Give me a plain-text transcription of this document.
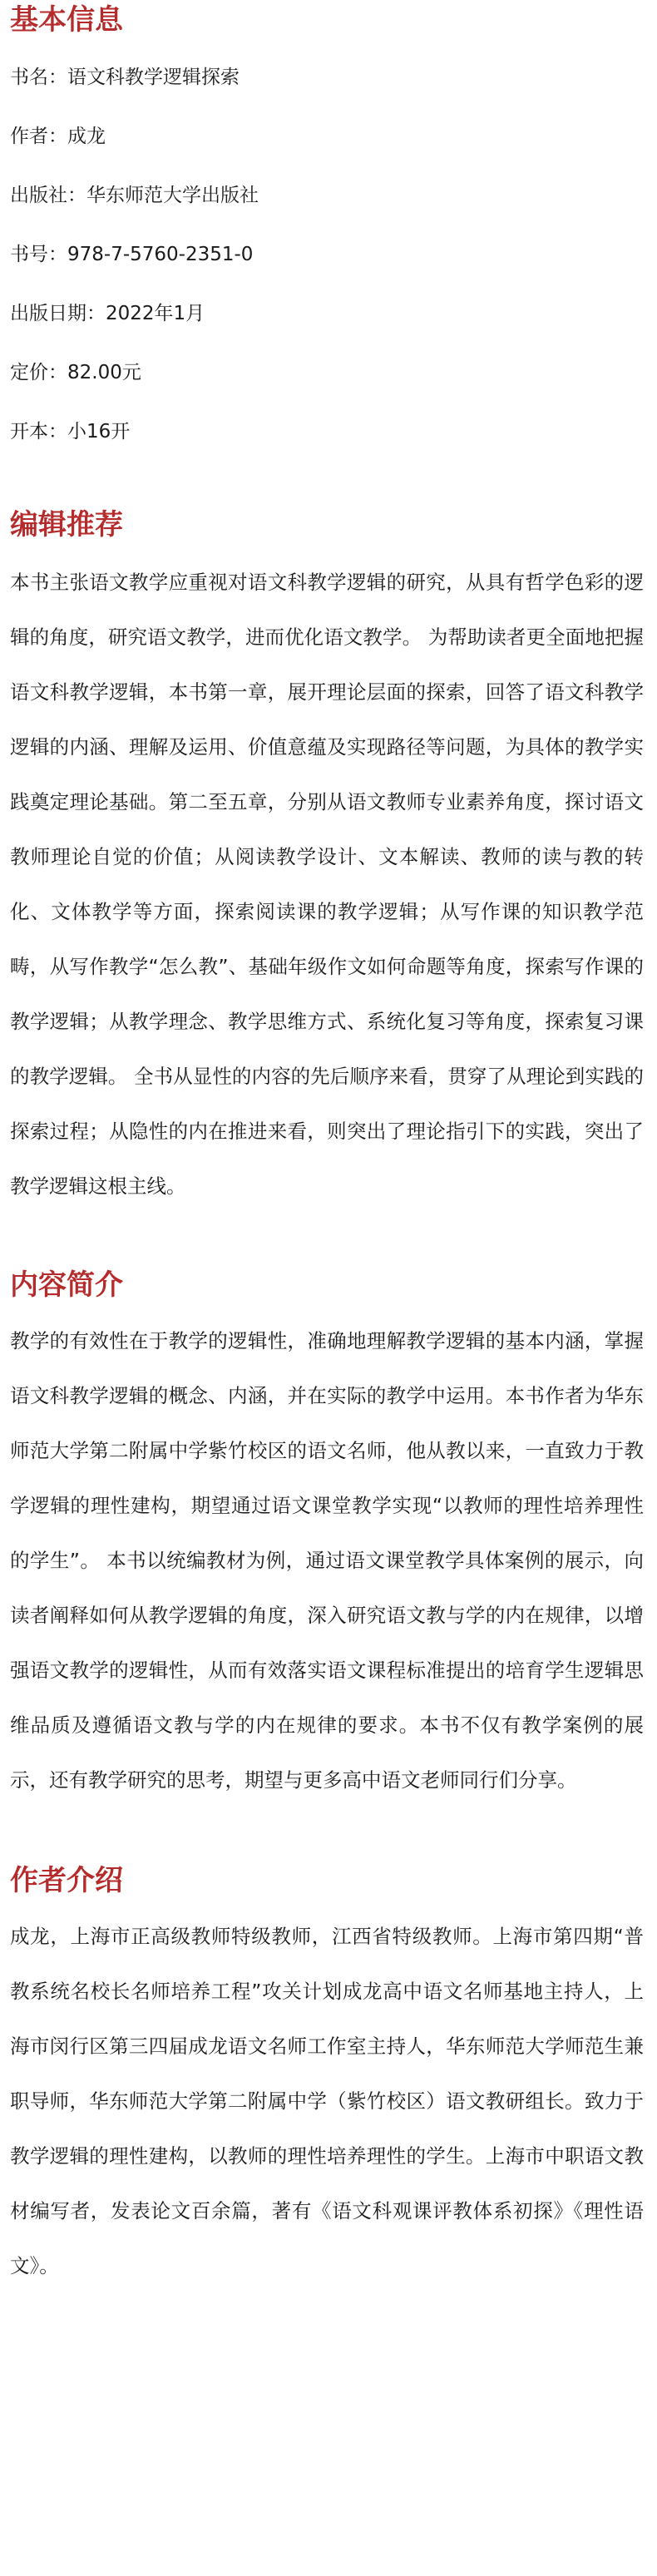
基本信息

书名：语文科教学逻辑探索

作者：成龙

出版社：华东师范大学出版社

书号：978-7-5760-2351-0

出版日期：2022年1月

定价：82.00元

开本：小16开

编辑推荐

本书主张语文教学应重视对语文科教学逻辑的研究，从具有哲学色彩的逻辑的角度，研究语文教学，进而优化语文教学。 为帮助读者更全面地把握语文科教学逻辑，本书第一章，展开理论层面的探索，回答了语文科教学逻辑的内涵、理解及运用、价值意蕴及实现路径等问题，为具体的教学实践奠定理论基础。第二至五章，分别从语文教师专业素养角度，探讨语文教师理论自觉的价值；从阅读教学设计、文本解读、教师的读与教的转化、文体教学等方面，探索阅读课的教学逻辑；从写作课的知识教学范畴，从写作教学“怎么教”、基础年级作文如何命题等角度，探索写作课的教学逻辑；从教学理念、教学思维方式、系统化复习等角度，探索复习课的教学逻辑。 全书从显性的内容的先后顺序来看，贯穿了从理论到实践的探索过程；从隐性的内在推进来看，则突出了理论指引下的实践，突出了教学逻辑这根主线。

内容简介

教学的有效性在于教学的逻辑性，准确地理解教学逻辑的基本内涵，掌握语文科教学逻辑的概念、内涵，并在实际的教学中运用。本书作者为华东师范大学第二附属中学紫竹校区的语文名师，他从教以来，一直致力于教学逻辑的理性建构，期望通过语文课堂教学实现“以教师的理性培养理性的学生”。 本书以统编教材为例，通过语文课堂教学具体案例的展示，向读者阐释如何从教学逻辑的角度，深入研究语文教与学的内在规律，以增强语文教学的逻辑性，从而有效落实语文课程标准提出的培育学生逻辑思维品质及遵循语文教与学的内在规律的要求。本书不仅有教学案例的展示，还有教学研究的思考，期望与更多高中语文老师同行们分享。

作者介绍

成龙，上海市正高级教师特级教师，江西省特级教师。上海市第四期“普教系统名校长名师培养工程”攻关计划成龙高中语文名师基地主持人，上海市闵行区第三四届成龙语文名师工作室主持人，华东师范大学师范生兼职导师，华东师范大学第二附属中学（紫竹校区）语文教研组长。致力于教学逻辑的理性建构，以教师的理性培养理性的学生。上海市中职语文教材编写者，发表论文百余篇，著有《语文科观课评教体系初探》《理性语文》。
